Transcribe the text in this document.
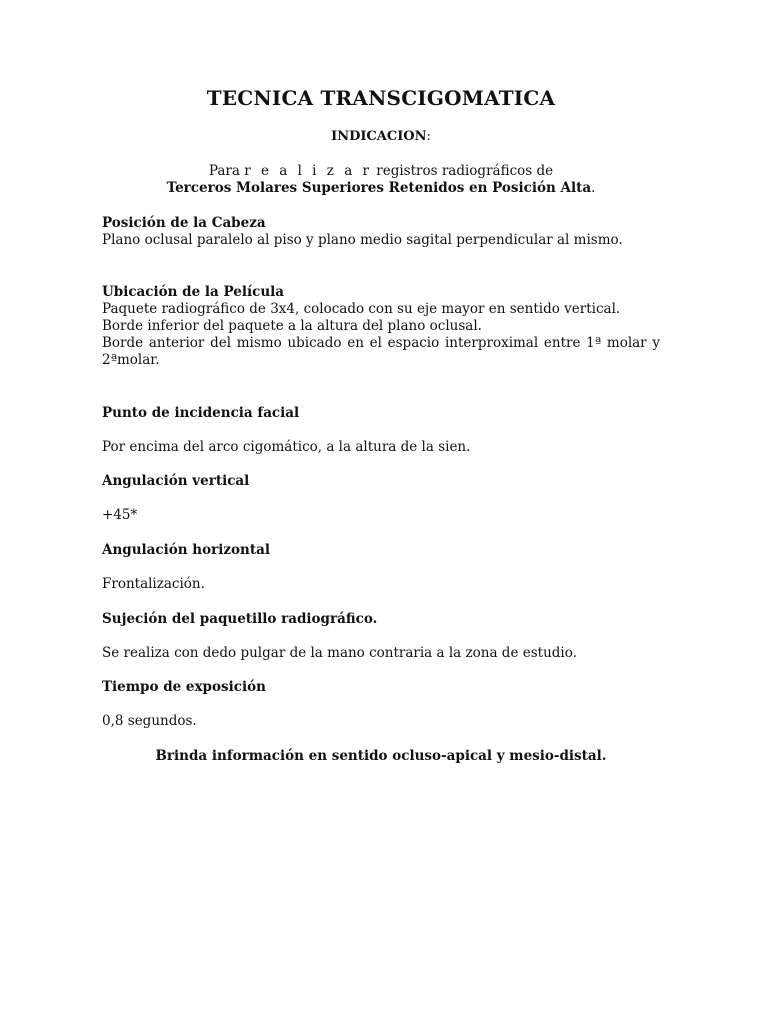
TECNICA TRANSCIGOMATICA
INDICACION:
Para r e a l i z a r registros radiográficos de
Terceros Molares Superiores Retenidos en Posición Alta.
Posición de la Cabeza
Plano oclusal paralelo al piso y plano medio sagital perpendicular al mismo.
Ubicación de la Película
Paquete radiográfico de 3x4, colocado con su eje mayor en sentido vertical.
Borde inferior del paquete a la altura del plano oclusal.
Borde anterior del mismo ubicado en el espacio interproximal entre 1ª molar y 2ªmolar.
Punto de incidencia facial
Por encima del arco cigomático, a la altura de la sien.
Angulación vertical
+45*
Angulación horizontal
Frontalización.
Sujeción del paquetillo radiográfico.
Se realiza con dedo pulgar de la mano contraria a la zona de estudio.
Tiempo de exposición
0,8 segundos.
Brinda información en sentido ocluso-apical y mesio-distal.
